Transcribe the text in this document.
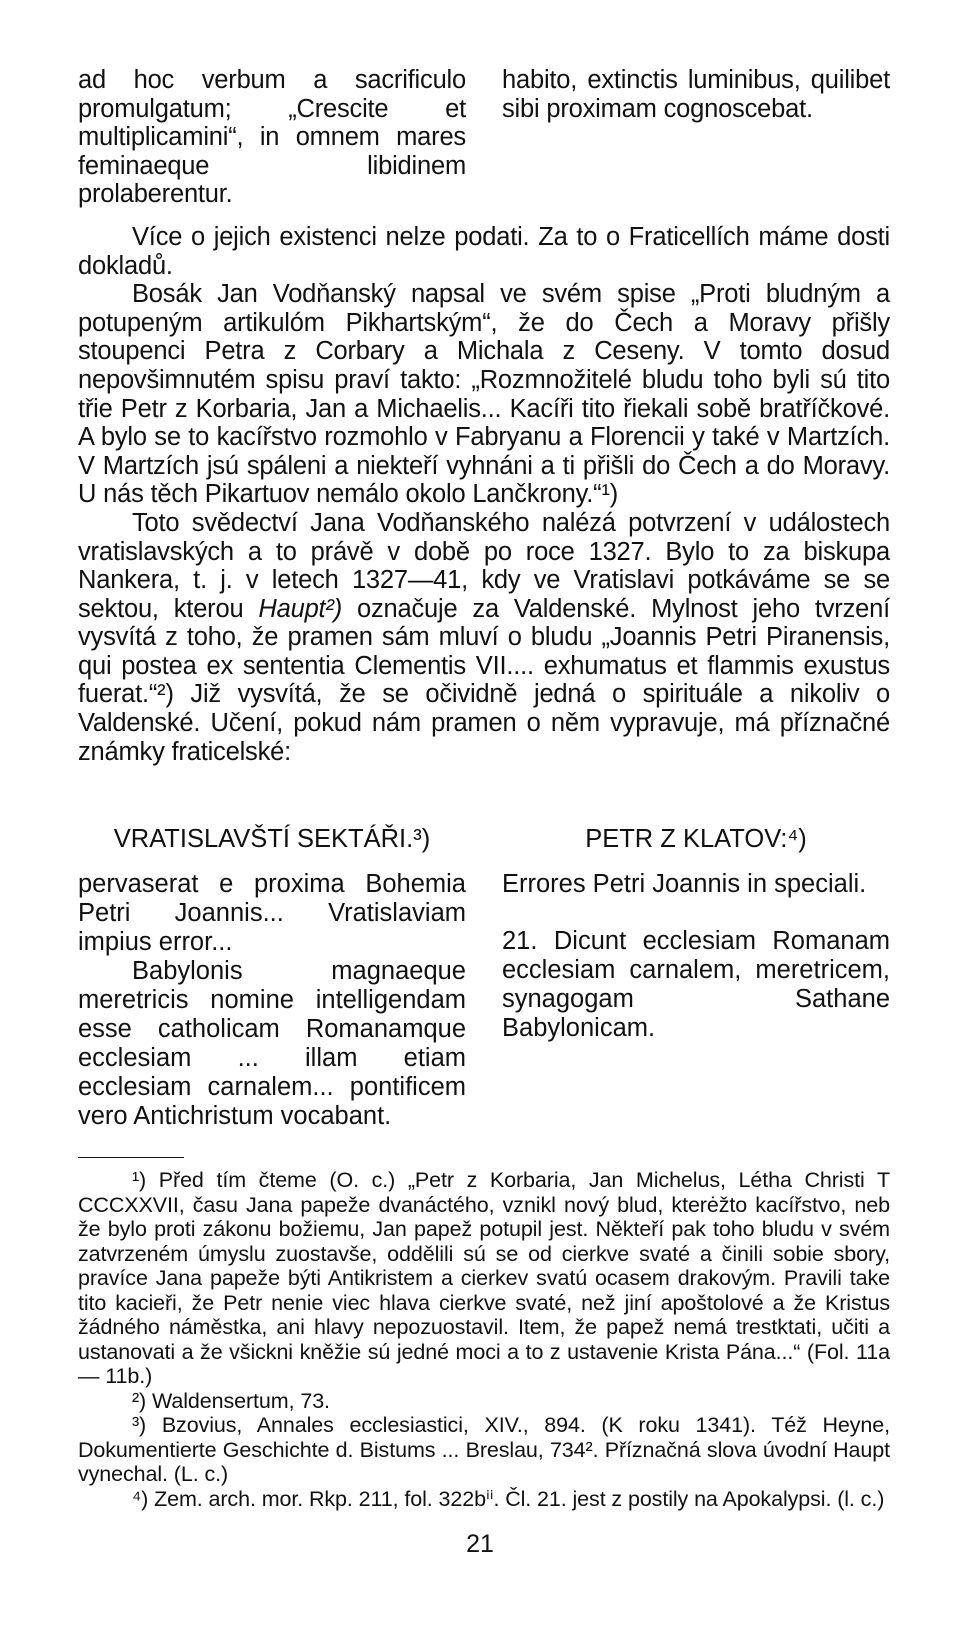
ad hoc verbum a sacrificulo promulgatum; „Crescite et multiplicamini“, in omnem mares feminaeque libidinem prolaberentur.

habito, extinctis luminibus, quilibet sibi proximam cognoscebat.

Více o jejich existenci nelze podati. Za to o Fraticellích máme dosti dokladů.

Bosák Jan Vodňanský napsal ve svém spise „Proti bludným a potupeným artikulóm Pikhartským“, že do Čech a Moravy přišly stoupenci Petra z Corbary a Michala z Ceseny. V tomto dosud nepovšimnutém spisu praví takto: „Rozmnožitelé bludu toho byli sú tito třie Petr z Korbaria, Jan a Michaelis... Kacíři tito řiekali sobě bratříčkové. A bylo se to kacířstvo rozmohlo v Fabryanu a Florencii y také v Martzích. V Martzích jsú spáleni a niekteří vyhnáni a ti přišli do Čech a do Moravy. U nás těch Pikartuov nemálo okolo Lančkrony.“¹)

Toto svědectví Jana Vodňanského nalézá potvrzení v událostech vratislavských a to právě v době po roce 1327. Bylo to za biskupa Nankera, t. j. v letech 1327—41, kdy ve Vratislavi potkáváme se se sektou, kterou Haupt²) označuje za Valdenské. Mylnost jeho tvrzení vysvítá z toho, že pramen sám mluví o bludu „Joannis Petri Piranensis, qui postea ex sententia Clementis VII.... exhumatus et flammis exustus fuerat.“²) Již vysvítá, že se očividně jedná o spirituále a nikoliv o Valdenské. Učení, pokud nám pramen o něm vypravuje, má příznačné známky fraticelské:

VRATISLAVŠTÍ SEKTÁŘI.³)	PETR Z KLATOV:⁴)

pervaserat e proxima Bohemia Petri Joannis... Vratislaviam impius error...

Babylonis magnaeque meretricis nomine intelligendam esse catholicam Romanamque ecclesiam ... illam etiam ecclesiam carnalem... pontificem vero Antichristum vocabant.

Errores Petri Joannis in speciali.

21. Dicunt ecclesiam Romanam ecclesiam carnalem, meretricem, synagogam Sathane Babylonicam.

¹) Před tím čteme (O. c.) „Petr z Korbaria, Jan Michelus, Létha Christi T CCCXXVII, času Jana papeže dvanáctého, vznikl nový blud, kterėžto kacířstvo, neb že bylo proti zákonu božiemu, Jan papež potupil jest. Někteří pak toho bludu v svém zatvrzeném úmyslu zuostavše, oddělili sú se od cierkve svaté a činili sobie sbory, pravíce Jana papeže býti Antikristem a cierkev svatú ocasem drakovým. Pravili take tito kacieři, že Petr nenie viec hlava cierkve svaté, než jiní apoštolové a že Kristus žádného náměstka, ani hlavy nepozuostavil. Item, že papež nemá trestktati, učiti a ustanovati a že všickni kněžie sú jedné moci a to z ustavenie Krista Pána...“ (Fol. 11a — 11b.)

²) Waldensertum, 73.

³) Bzovius, Annales ecclesiastici, XIV., 894. (K roku 1341). Též Heyne, Dokumentierte Geschichte d. Bistums ... Breslau, 734². Příznačná slova úvodní Haupt vynechal. (L. c.)

⁴) Zem. arch. mor. Rkp. 211, fol. 322bⁱⁱ. Čl. 21. jest z postily na Apokalypsi. (l. c.)

21
